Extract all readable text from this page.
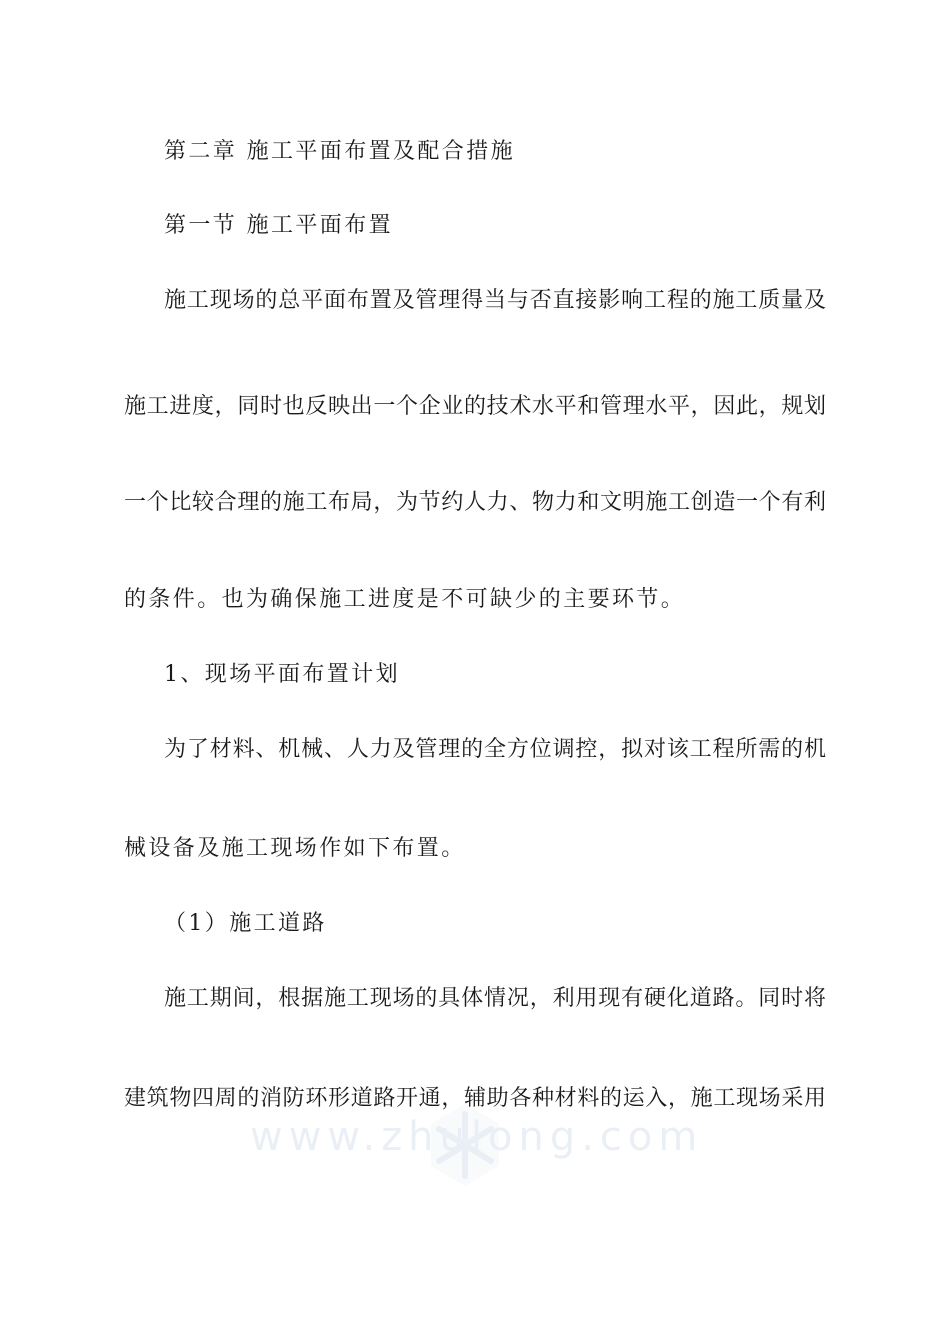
第二章 施工平面布置及配合措施
第一节 施工平面布置
施工现场的总平面布置及管理得当与否直接影响工程的施工质量及
施工进度，同时也反映出一个企业的技术水平和管理水平，因此，规划
一个比较合理的施工布局，为节约人力、物力和文明施工创造一个有利
的条件。也为确保施工进度是不可缺少的主要环节。
1、现场平面布置计划
为了材料、机械、人力及管理的全方位调控，拟对该工程所需的机
械设备及施工现场作如下布置。
（1）施工道路
施工期间，根据施工现场的具体情况，利用现有硬化道路。同时将
建筑物四周的消防环形道路开通，辅助各种材料的运入，施工现场采用
www.zhulong.com
